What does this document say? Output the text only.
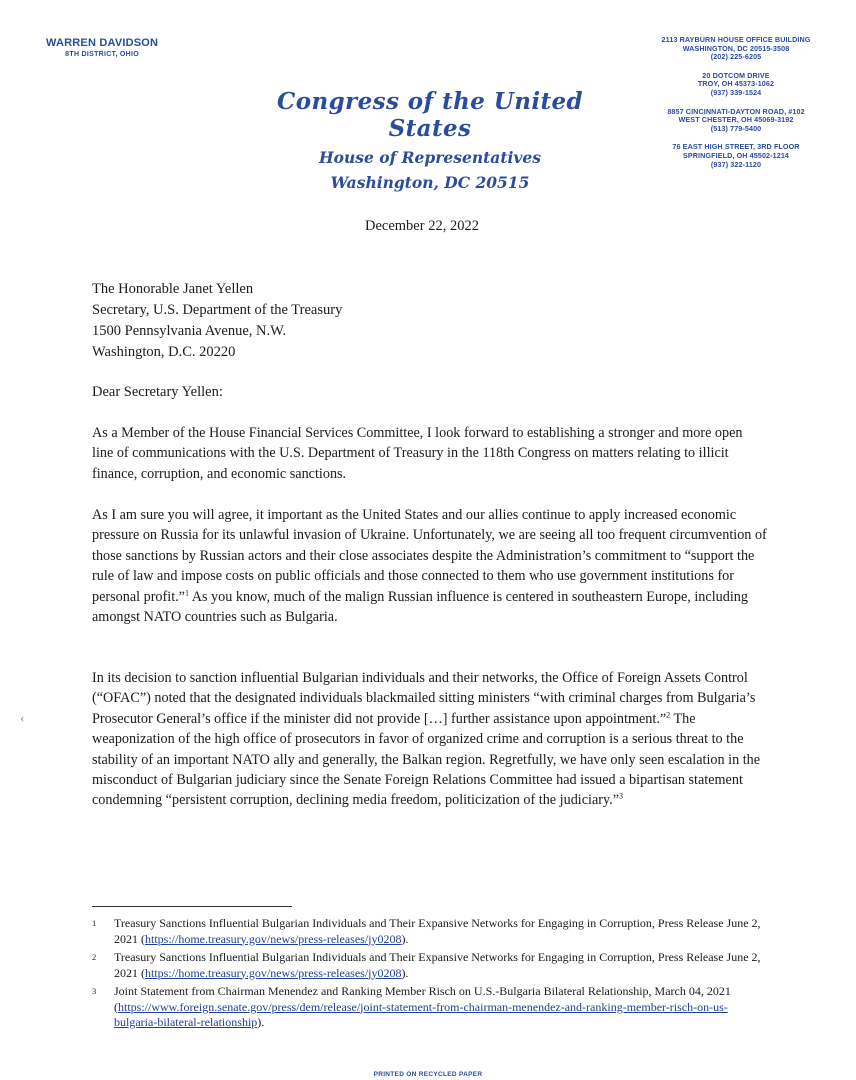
WARREN DAVIDSON
8TH DISTRICT, OHIO
Congress of the United States
House of Representatives
Washington, DC 20515
2113 RAYBURN HOUSE OFFICE BUILDING
WASHINGTON, DC 20515-3508
(202) 225-6205
20 DOTCOM DRIVE
TROY, OH 45373-1062
(937) 339-1524
8857 CINCINNATI-DAYTON ROAD, #102
WEST CHESTER, OH 45069-3192
(513) 779-5400
76 EAST HIGH STREET, 3RD FLOOR
SPRINGFIELD, OH 45502-1214
(937) 322-1120
December 22, 2022
The Honorable Janet Yellen
Secretary, U.S. Department of the Treasury
1500 Pennsylvania Avenue, N.W.
Washington, D.C. 20220
Dear Secretary Yellen:
As a Member of the House Financial Services Committee, I look forward to establishing a stronger and more open line of communications with the U.S. Department of Treasury in the 118th Congress on matters relating to illicit finance, corruption, and economic sanctions.
As I am sure you will agree, it important as the United States and our allies continue to apply increased economic pressure on Russia for its unlawful invasion of Ukraine. Unfortunately, we are seeing all too frequent circumvention of those sanctions by Russian actors and their close associates despite the Administration’s commitment to “support the rule of law and impose costs on public officials and those connected to them who use government institutions for personal profit.”$^1$ As you know, much of the malign Russian influence is centered in southeastern Europe, including amongst NATO countries such as Bulgaria.
In its decision to sanction influential Bulgarian individuals and their networks, the Office of Foreign Assets Control (“OFAC”) noted that the designated individuals blackmailed sitting ministers “with criminal charges from Bulgaria’s Prosecutor General’s office if the minister did not provide […] further assistance upon appointment.”$^2$ The weaponization of the high office of prosecutors in favor of organized crime and corruption is a serious threat to the stability of an important NATO ally and generally, the Balkan region. Regretfully, we have only seen escalation in the misconduct of Bulgarian judiciary since the Senate Foreign Relations Committee had issued a bipartisan statement condemning “persistent corruption, declining media freedom, politicization of the judiciary.”$^3$
‹
1 Treasury Sanctions Influential Bulgarian Individuals and Their Expansive Networks for Engaging in Corruption, Press Release June 2, 2021 (https://home.treasury.gov/news/press-releases/jy0208).
2 Treasury Sanctions Influential Bulgarian Individuals and Their Expansive Networks for Engaging in Corruption, Press Release June 2, 2021 (https://home.treasury.gov/news/press-releases/jy0208).
3 Joint Statement from Chairman Menendez and Ranking Member Risch on U.S.-Bulgaria Bilateral Relationship, March 04, 2021 (https://www.foreign.senate.gov/press/dem/release/joint-statement-from-chairman-menendez-and-ranking-member-risch-on-us-bulgaria-bilateral-relationship).
PRINTED ON RECYCLED PAPER
